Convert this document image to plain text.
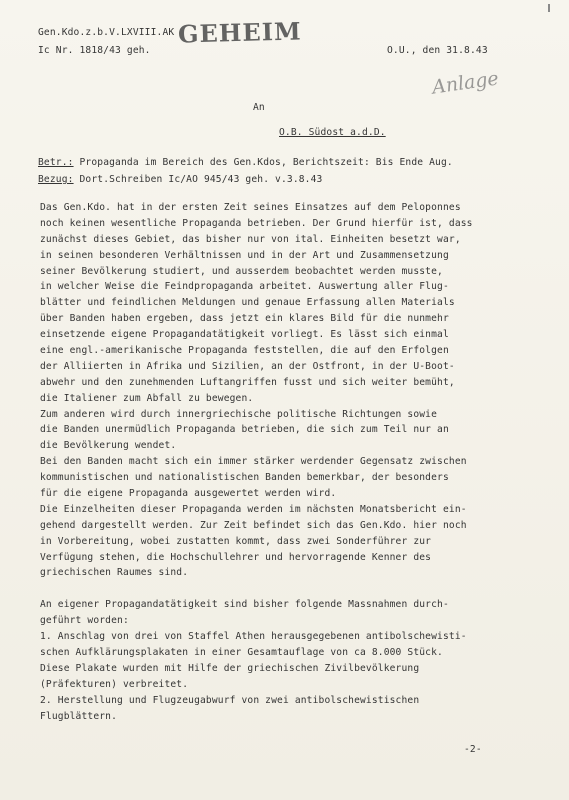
Gen.Kdo.z.b.V.LXVIII.AK
Ic Nr. 1818/43 geh.
GEHEIM
O.U., den 31.8.43
Anlage
An
O.B. Südost a.d.D.
Betr.: Propaganda im Bereich des Gen.Kdos, Berichtszeit: Bis Ende Aug.
Bezug: Dort.Schreiben Ic/AO 945/43 geh. v.3.8.43
Das Gen.Kdo. hat in der ersten Zeit seines Einsatzes auf dem Peloponnes
noch keinen wesentliche Propaganda betrieben. Der Grund hierfür ist, dass
zunächst dieses Gebiet, das bisher nur von ital. Einheiten besetzt war,
in seinen besonderen Verhältnissen und in der Art und Zusammensetzung
seiner Bevölkerung studiert, und ausserdem beobachtet werden musste,
in welcher Weise die Feindpropaganda arbeitet. Auswertung aller Flug-
blätter und feindlichen Meldungen und genaue Erfassung allen Materials
über Banden haben ergeben, dass jetzt ein klares Bild für die nunmehr
einsetzende eigene Propagandatätigkeit vorliegt. Es lässt sich einmal
eine engl.-amerikanische Propaganda feststellen, die auf den Erfolgen
der Alliierten in Afrika und Sizilien, an der Ostfront, in der U-Boot-
abwehr und den zunehmenden Luftangriffen fusst und sich weiter bemüht,
die Italiener zum Abfall zu bewegen.
Zum anderen wird durch innergriechische politische Richtungen sowie
die Banden unermüdlich Propaganda betrieben, die sich zum Teil nur an
die Bevölkerung wendet.
Bei den Banden macht sich ein immer stärker werdender Gegensatz zwischen
kommunistischen und nationalistischen Banden bemerkbar, der besonders
für die eigene Propaganda ausgewertet werden wird.
Die Einzelheiten dieser Propaganda werden im nächsten Monatsbericht ein-
gehend dargestellt werden. Zur Zeit befindet sich das Gen.Kdo. hier noch
in Vorbereitung, wobei zustatten kommt, dass zwei Sonderführer zur
Verfügung stehen, die Hochschullehrer und hervorragende Kenner des
griechischen Raumes sind.
An eigener Propagandatätigkeit sind bisher folgende Massnahmen durch-
geführt worden:
1. Anschlag von drei von Staffel Athen herausgegebenen antibolschewisti-
schen Aufklärungsplakaten in einer Gesamtauflage von ca 8.000 Stück.
Diese Plakate wurden mit Hilfe der griechischen Zivilbevölkerung
(Präfekturen) verbreitet.
2. Herstellung und Flugzeugabwurf von zwei antibolschewistischen
Flugblättern.
-2-
